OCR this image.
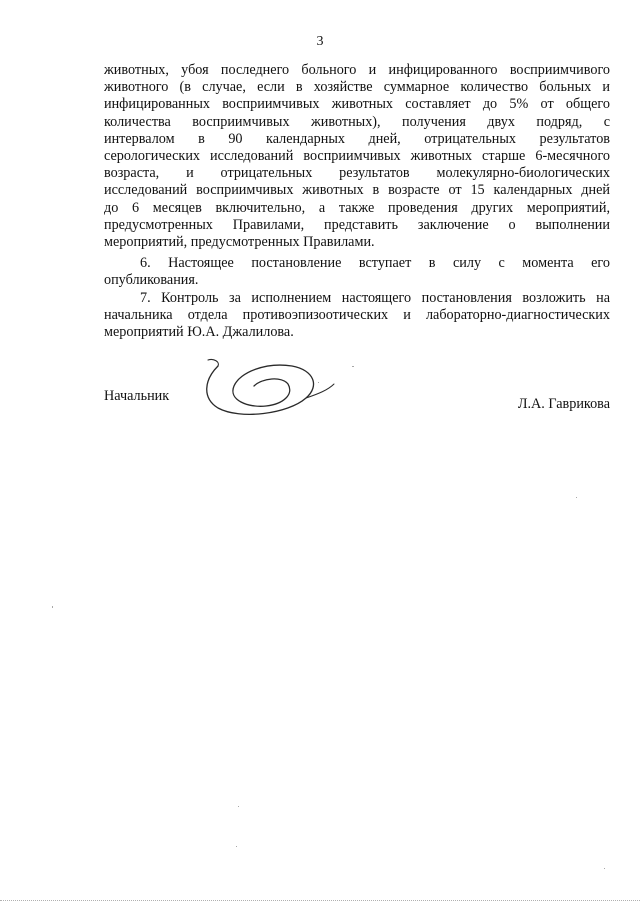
3
животных, убоя последнего больного и инфицированного восприимчивого
животного (в случае, если в хозяйстве суммарное количество больных и
инфицированных восприимчивых животных составляет до 5% от общего
количества восприимчивых животных), получения двух подряд, с
интервалом в 90 календарных дней, отрицательных результатов
серологических исследований восприимчивых животных старше 6-месячного
возраста, и отрицательных результатов молекулярно-биологических
исследований восприимчивых животных в возрасте от 15 календарных дней
до 6 месяцев включительно, а также проведения других мероприятий,
предусмотренных Правилами, представить заключение о выполнении
мероприятий, предусмотренных Правилами.
6. Настоящее постановление вступает в силу с момента его
опубликования.
7. Контроль за исполнением настоящего постановления возложить на
начальника отдела противоэпизоотических и лабораторно-диагностических
мероприятий Ю.А. Джалилова.
Начальник	Л.А. Гаврикова
